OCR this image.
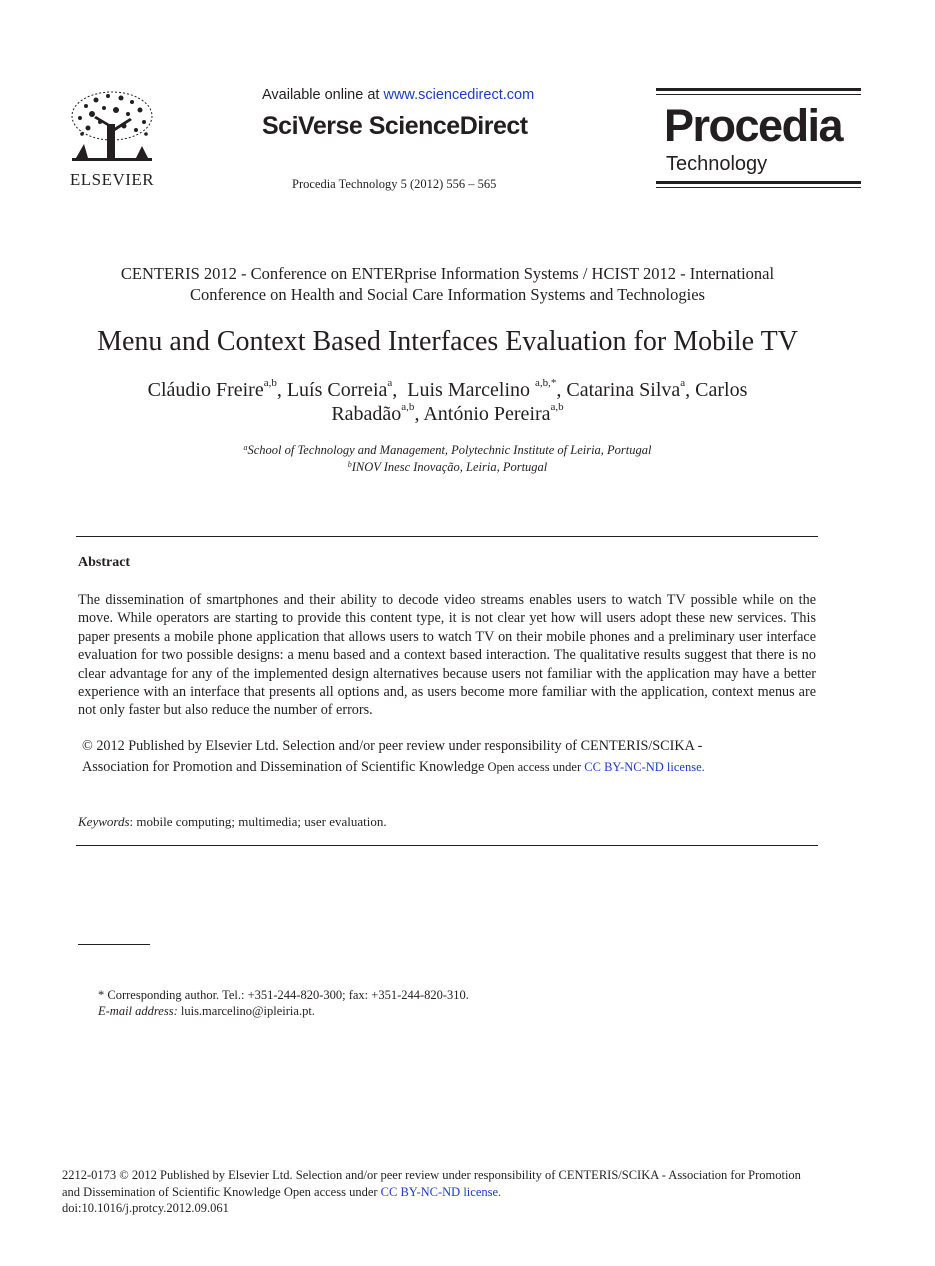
ELSEVIER
Available online at www.sciencedirect.com
SciVerse ScienceDirect
Procedia Technology 5 (2012) 556 – 565
Procedia
Technology
CENTERIS 2012 - Conference on ENTERprise Information Systems / HCIST 2012 - International
Conference on Health and Social Care Information Systems and Technologies
Menu and Context Based Interfaces Evaluation for Mobile TV
Cláudio Freire$^{a,b}$, Luís Correia$^a$,  Luis Marcelino $^{a,b,*}$, Catarina Silva$^a$, Carlos
Rabadão$^{a,b}$, António Pereira$^{a,b}$
$^a$School of Technology and Management, Polytechnic Institute of Leiria, Portugal
$^b$INOV Inesc Inovação, Leiria, Portugal
Abstract
The dissemination of smartphones and their ability to decode video streams enables users to watch TV possible while on the move. While operators are starting to provide this content type, it is not clear yet how will users adopt these new services. This paper presents a mobile phone application that allows users to watch TV on their mobile phones and a preliminary user interface evaluation for two possible designs: a menu based and a context based interaction. The qualitative results suggest that there is no clear advantage for any of the implemented design alternatives because users not familiar with the application may have a better experience with an interface that presents all options and, as users become more familiar with the application, context menus are not only faster but also reduce the number of errors.
© 2012 Published by Elsevier Ltd. Selection and/or peer review under responsibility of CENTERIS/SCIKA -
Association for Promotion and Dissemination of Scientific Knowledge Open access under CC BY-NC-ND license.
Keywords: mobile computing; multimedia; user evaluation.
* Corresponding author. Tel.: +351-244-820-300; fax: +351-244-820-310.
E-mail address: luis.marcelino@ipleiria.pt.
2212-0173 © 2012 Published by Elsevier Ltd. Selection and/or peer review under responsibility of CENTERIS/SCIKA - Association for Promotion
and Dissemination of Scientific Knowledge Open access under CC BY-NC-ND license.
doi:10.1016/j.protcy.2012.09.061
